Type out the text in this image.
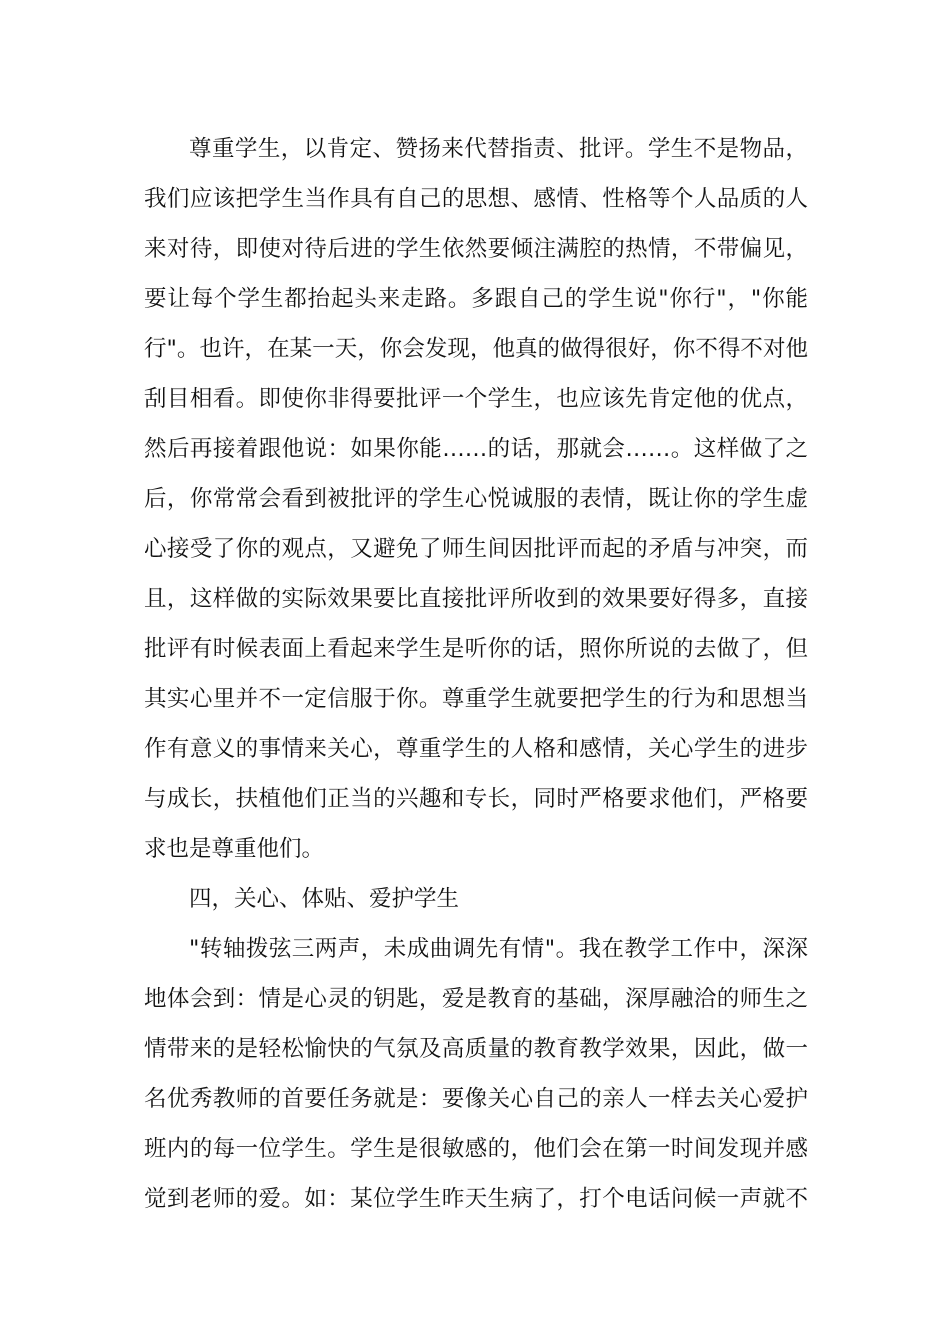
尊重学生，以肯定、赞扬来代替指责、批评。学生不是物品，
我们应该把学生当作具有自己的思想、感情、性格等个人品质的人
来对待，即使对待后进的学生依然要倾注满腔的热情，不带偏见，
要让每个学生都抬起头来走路。多跟自己的学生说"你行"，"你能
行"。也许，在某一天，你会发现，他真的做得很好，你不得不对他
刮目相看。即使你非得要批评一个学生，也应该先肯定他的优点，
然后再接着跟他说：如果你能……的话，那就会……。这样做了之
后，你常常会看到被批评的学生心悦诚服的表情，既让你的学生虚
心接受了你的观点，又避免了师生间因批评而起的矛盾与冲突，而
且，这样做的实际效果要比直接批评所收到的效果要好得多，直接
批评有时候表面上看起来学生是听你的话，照你所说的去做了，但
其实心里并不一定信服于你。尊重学生就要把学生的行为和思想当
作有意义的事情来关心，尊重学生的人格和感情，关心学生的进步
与成长，扶植他们正当的兴趣和专长，同时严格要求他们，严格要
求也是尊重他们。

四，关心、体贴、爱护学生

"转轴拨弦三两声，未成曲调先有情"。我在教学工作中，深深
地体会到：情是心灵的钥匙，爱是教育的基础，深厚融洽的师生之
情带来的是轻松愉快的气氛及高质量的教育教学效果，因此，做一
名优秀教师的首要任务就是：要像关心自己的亲人一样去关心爱护
班内的每一位学生。学生是很敏感的，他们会在第一时间发现并感
觉到老师的爱。如：某位学生昨天生病了，打个电话问候一声就不
